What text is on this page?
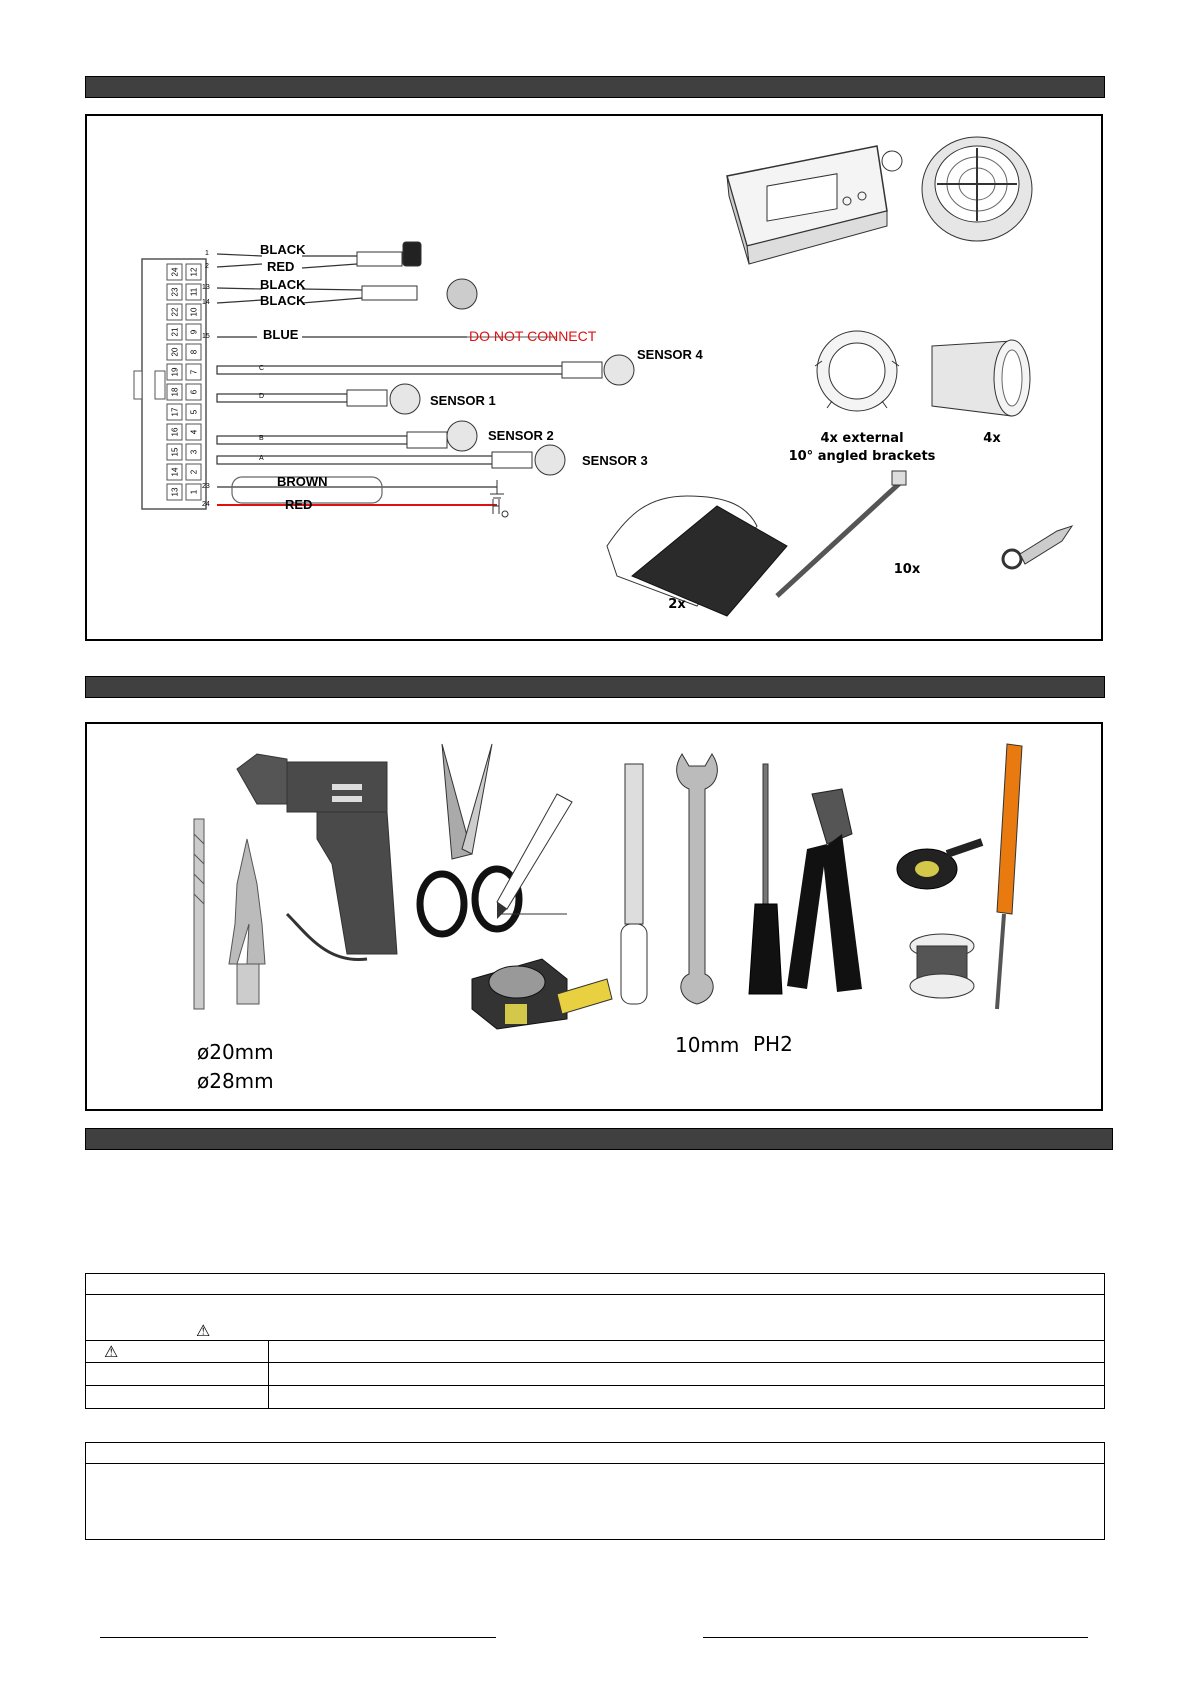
24
23
22
21
20
19
18
17
16
15
14
13
12
11
10
9
8
7
6
5
4
3
2
1
BLACK
RED
BLACK
BLACK
BLUE	DO NOT CONNECT
BROWN
RED
1
2
13
14
15
23
24
C
D
B
A
SENSOR 4
SENSOR 1
SENSOR 2
SENSOR 3
4x external
10° angled brackets
4x
2x
10x
ø20mm
ø28mm
10mm PH2

⚠	
⚠	
